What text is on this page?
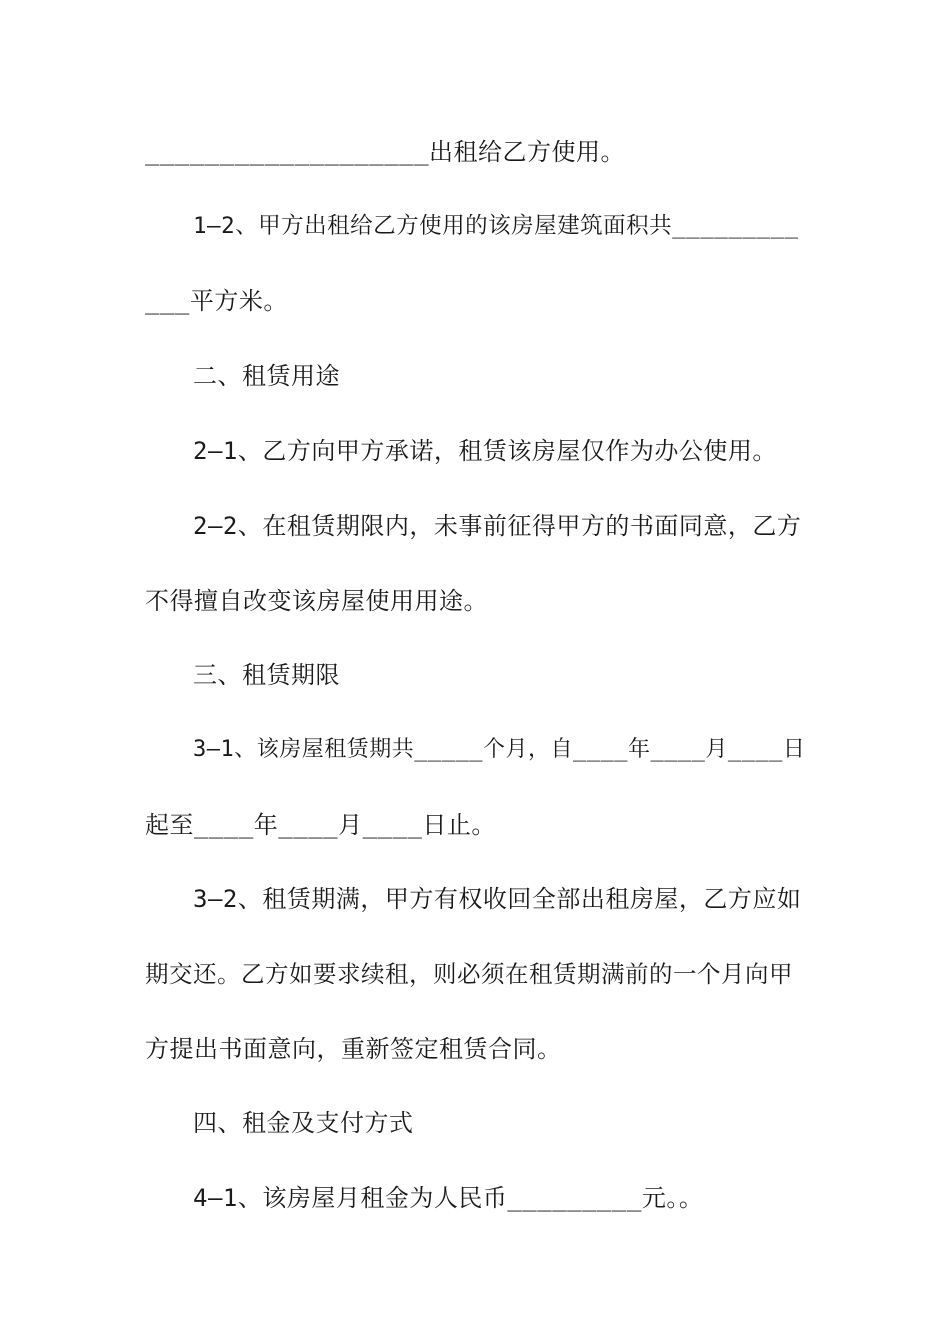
___________________出租给乙方使用。
1—2、甲方出租给乙方使用的该房屋建筑面积共_________
___平方米。
二、租赁用途
2—1、乙方向甲方承诺，租赁该房屋仅作为办公使用。
2—2、在租赁期限内，未事前征得甲方的书面同意，乙方
不得擅自改变该房屋使用用途。
三、租赁期限
3—1、该房屋租赁期共_____个月，自____年____月____日
起至____年____月____日止。
3—2、租赁期满，甲方有权收回全部出租房屋，乙方应如
期交还。乙方如要求续租，则必须在租赁期满前的一个月向甲
方提出书面意向，重新签定租赁合同。
四、租金及支付方式
4—1、该房屋月租金为人民币_________元。。
